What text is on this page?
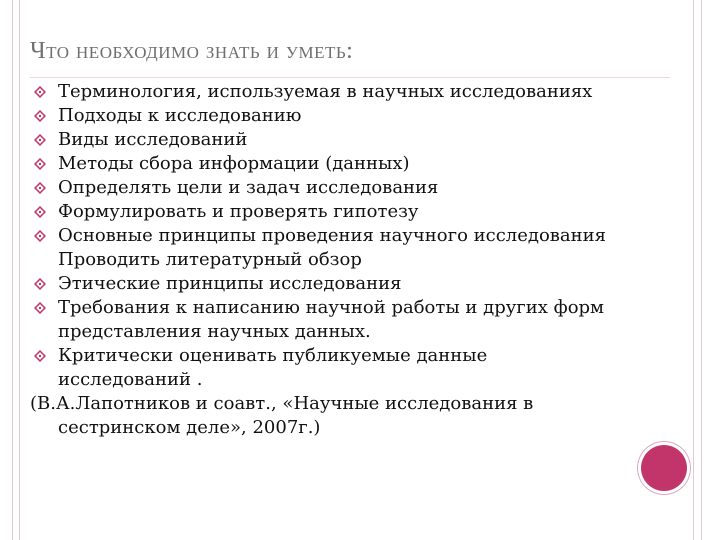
Что необходимо знать и уметь:
Терминология, используемая в научных исследованиях
Подходы к исследованию
Виды исследований
Методы сбора информации (данных)
Определять цели и задач исследования
Формулировать и проверять гипотезу
Основные принципы проведения научного исследования
Проводить литературный обзор
Этические принципы исследования
Требования к написанию научной работы и других форм
представления научных данных.
Критически оценивать публикуемые данные
исследований .
(В.А.Лапотников и соавт., «Научные исследования в
сестринском деле», 2007г.)
